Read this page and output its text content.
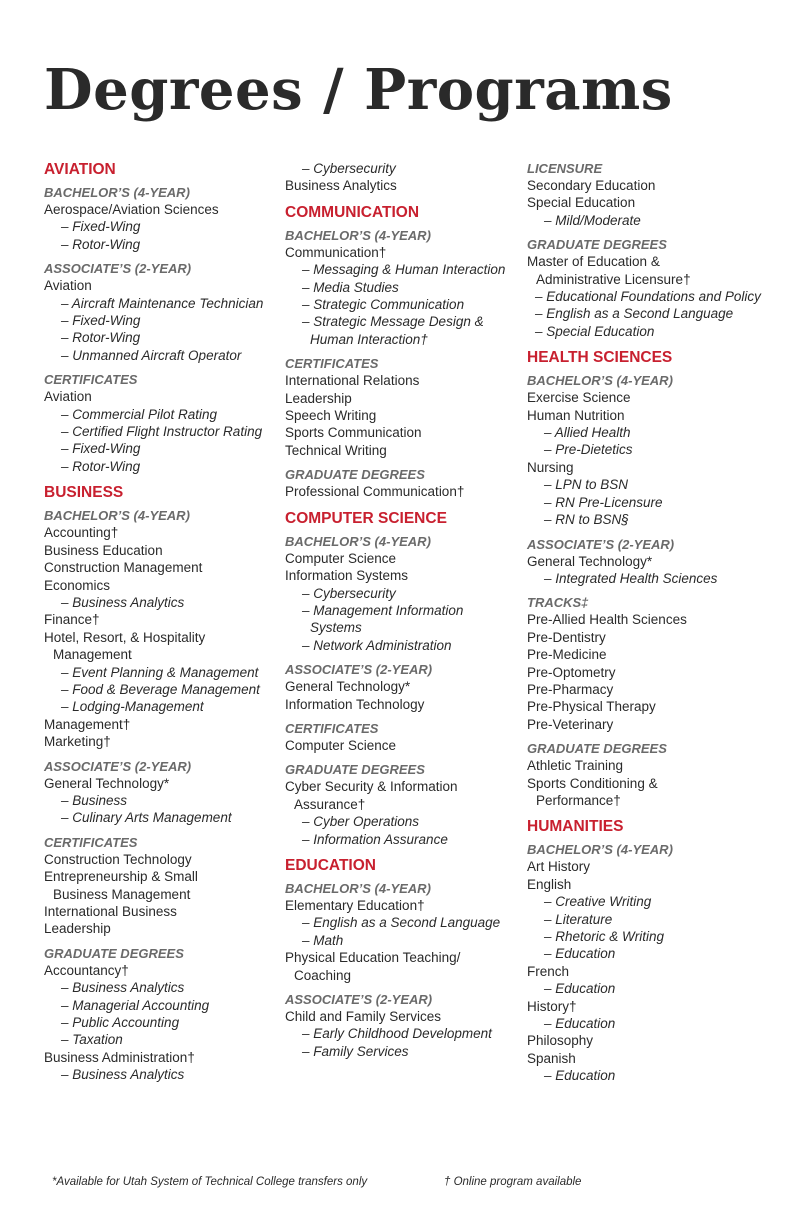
Degrees / Programs
AVIATION
BACHELOR’S (4-YEAR)
Aerospace/Aviation Sciences
– Fixed-Wing
– Rotor-Wing
ASSOCIATE’S (2-YEAR)
Aviation
– Aircraft Maintenance Technician
– Fixed-Wing
– Rotor-Wing
– Unmanned Aircraft Operator
CERTIFICATES
Aviation
– Commercial Pilot Rating
– Certified Flight Instructor Rating
– Fixed-Wing
– Rotor-Wing
BUSINESS
BACHELOR’S (4-YEAR)
Accounting†
Business Education
Construction Management
Economics
– Business Analytics
Finance†
Hotel, Resort, & Hospitality
Management
– Event Planning & Management
– Food & Beverage Management
– Lodging-Management
Management†
Marketing†
ASSOCIATE’S (2-YEAR)
General Technology*
– Business
– Culinary Arts Management
CERTIFICATES
Construction Technology
Entrepreneurship & Small
Business Management
International Business
Leadership
GRADUATE DEGREES
Accountancy†
– Business Analytics
– Managerial Accounting
– Public Accounting
– Taxation
Business Administration†
– Business Analytics
– Cybersecurity
Business Analytics
COMMUNICATION
BACHELOR’S (4-YEAR)
Communication†
– Messaging & Human Interaction
– Media Studies
– Strategic Communication
– Strategic Message Design &
Human Interaction†
CERTIFICATES
International Relations
Leadership
Speech Writing
Sports Communication
Technical Writing
GRADUATE DEGREES
Professional Communication†
COMPUTER SCIENCE
BACHELOR’S (4-YEAR)
Computer Science
Information Systems
– Cybersecurity
– Management Information
Systems
– Network Administration
ASSOCIATE’S (2-YEAR)
General Technology*
Information Technology
CERTIFICATES
Computer Science
GRADUATE DEGREES
Cyber Security & Information
Assurance†
– Cyber Operations
– Information Assurance
EDUCATION
BACHELOR’S (4-YEAR)
Elementary Education†
– English as a Second Language
– Math
Physical Education Teaching/
Coaching
ASSOCIATE’S (2-YEAR)
Child and Family Services
– Early Childhood Development
– Family Services
LICENSURE
Secondary Education
Special Education
– Mild/Moderate
GRADUATE DEGREES
Master of Education &
Administrative Licensure†
– Educational Foundations and Policy
– English as a Second Language
– Special Education
HEALTH SCIENCES
BACHELOR’S (4-YEAR)
Exercise Science
Human Nutrition
– Allied Health
– Pre-Dietetics
Nursing
– LPN to BSN
– RN Pre-Licensure
– RN to BSN§
ASSOCIATE’S (2-YEAR)
General Technology*
– Integrated Health Sciences
TRACKS‡
Pre-Allied Health Sciences
Pre-Dentistry
Pre-Medicine
Pre-Optometry
Pre-Pharmacy
Pre-Physical Therapy
Pre-Veterinary
GRADUATE DEGREES
Athletic Training
Sports Conditioning &
Performance†
HUMANITIES
BACHELOR’S (4-YEAR)
Art History
English
– Creative Writing
– Literature
– Rhetoric & Writing
– Education
French
– Education
History†
– Education
Philosophy
Spanish
– Education
*Available for Utah System of Technical College transfers only	† Online program available
